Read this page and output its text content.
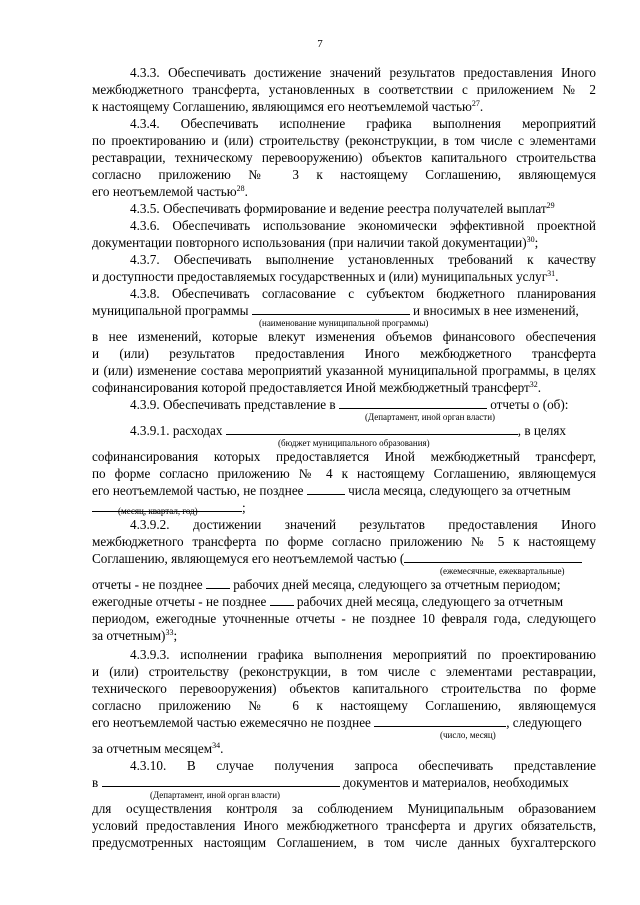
7
4.3.3. Обеспечивать достижение значений результатов предоставления Иного
межбюджетного трансферта, установленных в соответствии с приложением № 2
к настоящему Соглашению, являющимся его неотъемлемой частью$^{27}$.
4.3.4. Обеспечивать исполнение графика выполнения мероприятий
по проектированию и (или) строительству (реконструкции, в том числе с элементами
реставрации, техническому перевооружению) объектов капитального строительства
согласно приложению № 3 к настоящему Соглашению, являющемуся
его неотъемлемой частью$^{28}$.
4.3.5. Обеспечивать формирование и ведение реестра получателей выплат$^{29}$
4.3.6. Обеспечивать использование экономически эффективной проектной
документации повторного использования (при наличии такой документации)$^{30}$;
4.3.7. Обеспечивать выполнение установленных требований к качеству
и доступности предоставляемых государственных и (или) муниципальных услуг$^{31}$.
4.3.8. Обеспечивать согласование с субъектом бюджетного планирования
муниципальной программы	и вносимых в нее изменений,
(наименование муниципальной программы)
в нее изменений, которые влекут изменения объемов финансового обеспечения
и (или) результатов предоставления Иного межбюджетного трансферта
и (или) изменение состава мероприятий указанной муниципальной программы, в целях
софинансирования которой предоставляется Иной межбюджетный трансферт$^{32}$.
4.3.9. Обеспечивать представление в	отчеты о (об):
(Департамент, иной орган власти)
4.3.9.1. расходах	, в целях
(бюджет муниципального образования)
софинансирования которых предоставляется Иной межбюджетный трансферт,
по форме согласно приложению № 4 к настоящему Соглашению, являющемуся
его неотъемлемой частью, не позднее	числа месяца, следующего за отчетным
;
(месяц, квартал, год)
4.3.9.2. достижении значений результатов предоставления Иного
межбюджетного трансферта по форме согласно приложению № 5 к настоящему
Соглашению, являющемуся его неотъемлемой частью (
(ежемесячные, ежеквартальные)
отчеты - не позднее рабочих дней месяца, следующего за отчетным периодом;
ежегодные отчеты - не позднее рабочих дней месяца, следующего за отчетным
периодом, ежегодные уточненные отчеты - не позднее 10 февраля года, следующего
за отчетным)$^{33}$;
4.3.9.3. исполнении графика выполнения мероприятий по проектированию
и (или) строительству (реконструкции, в том числе с элементами реставрации,
технического перевооружения) объектов капитального строительства по форме
согласно приложению № 6 к настоящему Соглашению, являющемуся
его неотъемлемой частью ежемесячно не позднее	, следующего
(число, месяц)
за отчетным месяцем$^{34}$.
4.3.10. В случае получения запроса обеспечивать представление
в	документов и материалов, необходимых
(Департамент, иной орган власти)
для осуществления контроля за соблюдением Муниципальным образованием
условий предоставления Иного межбюджетного трансферта и других обязательств,
предусмотренных настоящим Соглашением, в том числе данных бухгалтерского
